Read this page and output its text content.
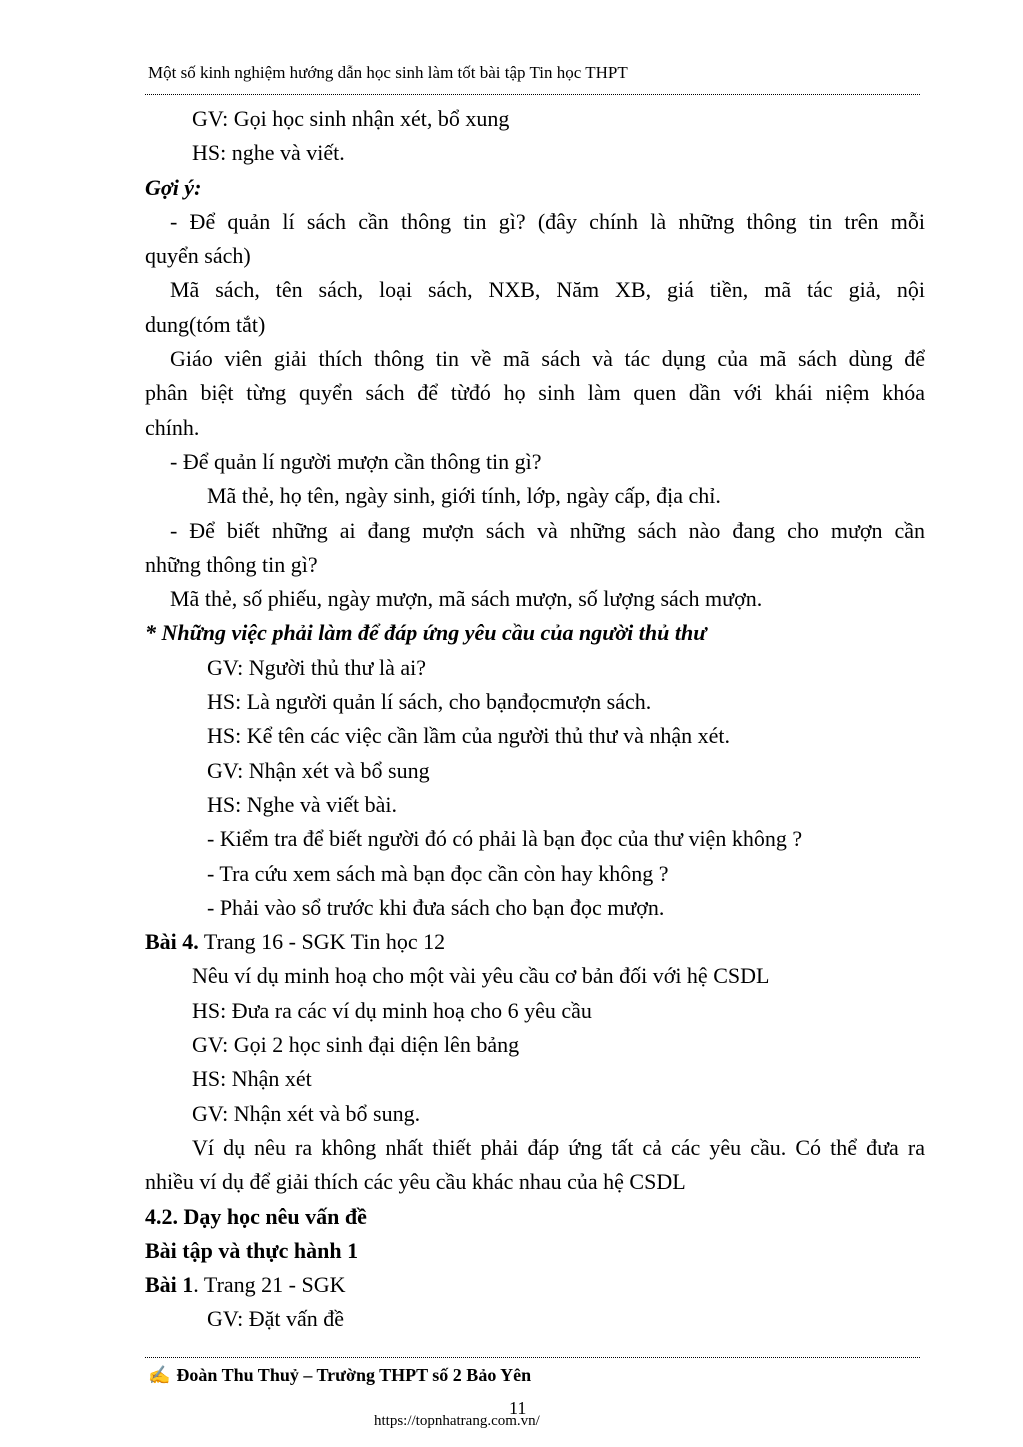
Một số kinh nghiệm hướng dẫn học sinh làm tốt bài tập Tin học THPT

GV: Gọi học sinh nhận xét, bổ xung

HS: nghe và viết.

Gợi ý:

- Để quản lí sách cần thông tin gì? (đây chính là những thông tin trên mỗi

quyển sách)

Mã sách, tên sách, loại sách, NXB, Năm XB, giá tiền, mã tác giả, nội

dung(tóm tắt)

Giáo viên giải thích thông tin về mã sách và tác dụng của mã sách dùng để

phân biệt từng quyển sách để từđó họ sinh làm quen dần với khái niệm khóa

chính.

- Để quản lí người mượn cần thông tin gì?

Mã thẻ, họ tên, ngày sinh, giới tính, lớp, ngày cấp, địa chỉ.

- Để biết những ai đang mượn sách và những sách nào đang cho mượn cần

những thông tin gì?

Mã thẻ, số phiếu, ngày mượn, mã sách mượn, số lượng sách mượn.

* Những việc phải làm để đáp ứng yêu cầu của người thủ thư

GV: Người thủ thư là ai?

HS: Là người quản lí sách, cho bạnđọcmượn sách.

HS: Kể tên các việc cần lầm của người thủ thư và nhận xét.

GV: Nhận xét và bổ sung

HS: Nghe và viết bài.

- Kiểm tra để biết người đó có phải là bạn đọc của thư viện không ?

- Tra cứu xem sách mà bạn đọc cần còn hay không ?

- Phải vào sổ trước khi đưa sách cho bạn đọc mượn.

Bài 4. Trang 16 - SGK Tin học 12

Nêu ví dụ minh hoạ cho một vài yêu cầu cơ bản đối với hệ CSDL

HS: Đưa ra các ví dụ minh hoạ cho 6 yêu cầu

GV: Gọi 2 học sinh đại diện lên bảng

HS: Nhận xét

GV: Nhận xét và bổ sung.

Ví dụ nêu ra không nhất thiết phải đáp ứng tất cả các yêu cầu. Có thể đưa ra

nhiều ví dụ để giải thích các yêu cầu khác nhau của hệ CSDL

4.2. Dạy học nêu vấn đề

Bài tập và thực hành 1

Bài 1. Trang 21 - SGK

GV: Đặt vấn đề

✍ Đoàn Thu Thuỷ – Trường THPT số 2 Bảo Yên
11
https://topnhatrang.com.vn/
